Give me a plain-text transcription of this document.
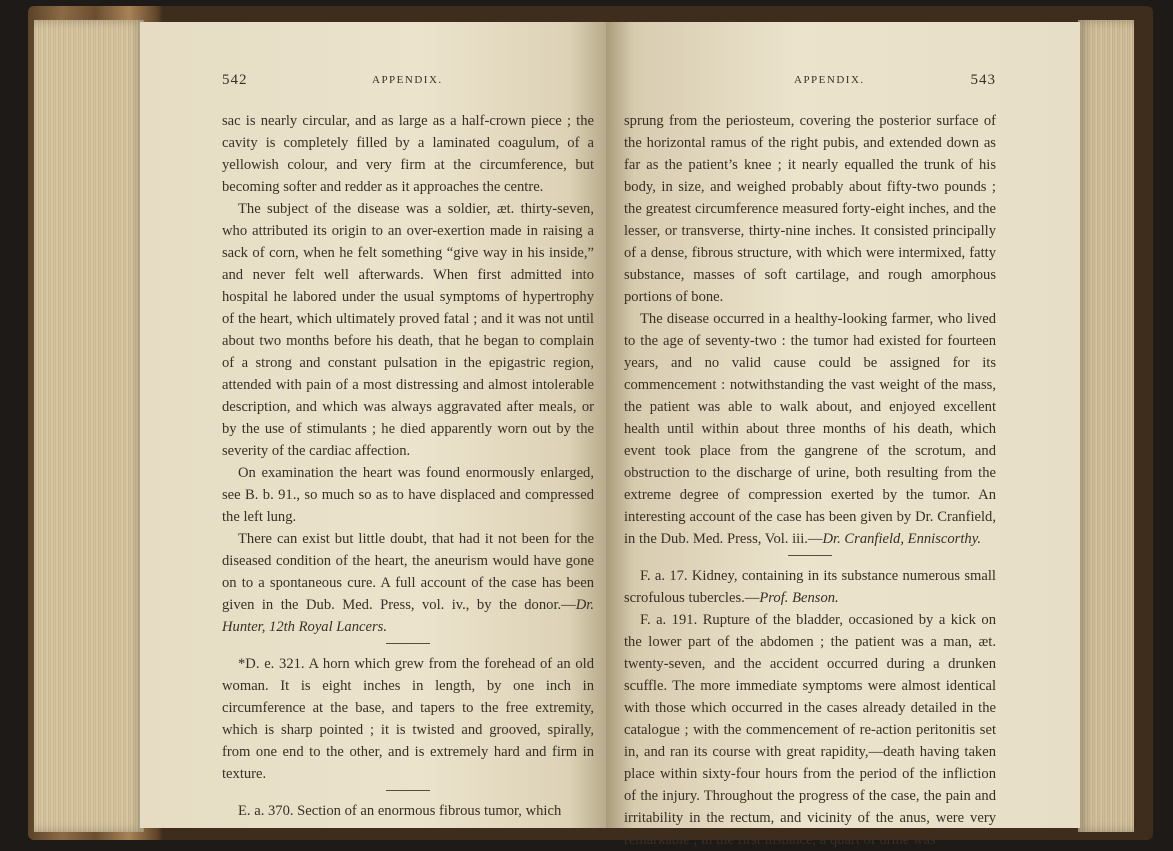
542	APPENDIX.

sac is nearly circular, and as large as a half-crown piece ; the cavity is completely filled by a laminated coagulum, of a yellowish colour, and very firm at the circumference, but becoming softer and redder as it approaches the centre.

The subject of the disease was a soldier, æt. thirty-seven, who attributed its origin to an over-exertion made in raising a sack of corn, when he felt something “give way in his inside,” and never felt well afterwards. When first admitted into hospital he labored under the usual symptoms of hypertrophy of the heart, which ultimately proved fatal ; and it was not until about two months before his death, that he began to complain of a strong and constant pulsation in the epigastric region, attended with pain of a most distressing and almost intolerable description, and which was always aggravated after meals, or by the use of stimulants ; he died apparently worn out by the severity of the cardiac affection.

On examination the heart was found enormously enlarged, see B. b. 91., so much so as to have displaced and compressed the left lung.

There can exist but little doubt, that had it not been for the diseased condition of the heart, the aneurism would have gone on to a spontaneous cure. A full account of the case has been given in the Dub. Med. Press, vol. iv., by the donor.—Dr. Hunter, 12th Royal Lancers.

*D. e. 321. A horn which grew from the forehead of an old woman. It is eight inches in length, by one inch in circumference at the base, and tapers to the free extremity, which is sharp pointed ; it is twisted and grooved, spirally, from one end to the other, and is extremely hard and firm in texture.

E. a. 370. Section of an enormous fibrous tumor, which

APPENDIX.	543

sprung from the periosteum, covering the posterior surface of the horizontal ramus of the right pubis, and extended down as far as the patient’s knee ; it nearly equalled the trunk of his body, in size, and weighed probably about fifty-two pounds ; the greatest circumference measured forty-eight inches, and the lesser, or transverse, thirty-nine inches. It consisted principally of a dense, fibrous structure, with which were intermixed, fatty substance, masses of soft cartilage, and rough amorphous portions of bone.

The disease occurred in a healthy-looking farmer, who lived to the age of seventy-two : the tumor had existed for fourteen years, and no valid cause could be assigned for its commencement : notwithstanding the vast weight of the mass, the patient was able to walk about, and enjoyed excellent health until within about three months of his death, which event took place from the gangrene of the scrotum, and obstruction to the discharge of urine, both resulting from the extreme degree of compression exerted by the tumor. An interesting account of the case has been given by Dr. Cranfield, in the Dub. Med. Press, Vol. iii.—Dr. Cranfield, Enniscorthy.

F. a. 17. Kidney, containing in its substance numerous small scrofulous tubercles.—Prof. Benson.

F. a. 191. Rupture of the bladder, occasioned by a kick on the lower part of the abdomen ; the patient was a man, æt. twenty-seven, and the accident occurred during a drunken scuffle. The more immediate symptoms were almost identical with those which occurred in the cases already detailed in the catalogue ; with the commencement of re-action peritonitis set in, and ran its course with great rapidity,—death having taken place within sixty-four hours from the period of the infliction of the injury. Throughout the progress of the case, the pain and irritability in the rectum, and vicinity of the anus, were very remarkable ; in the first instance, a quart of urine was
